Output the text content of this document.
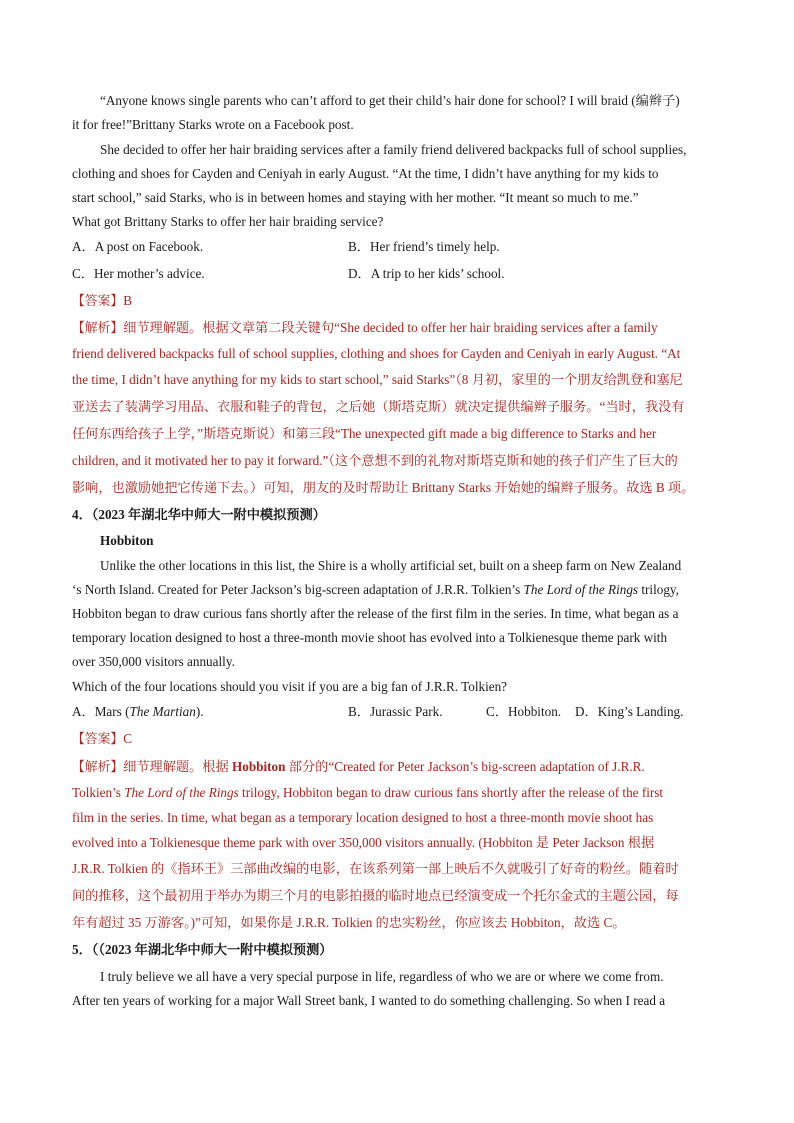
“Anyone knows single parents who can’t afford to get their child’s hair done for school? I will braid (编辫子)
it for free!”Brittany Starks wrote on a Facebook post.
She decided to offer her hair braiding services after a family friend delivered backpacks full of school supplies,
clothing and shoes for Cayden and Ceniyah in early August. “At the time, I didn’t have anything for my kids to
start school,” said Starks, who is in between homes and staying with her mother. “It meant so much to me.”
What got Brittany Starks to offer her hair braiding service?
A．A post on Facebook.	B．Her friend’s timely help.
C．Her mother’s advice.	D．A trip to her kids’ school.
【答案】B
【解析】细节理解题。根据文章第二段关键句“She decided to offer her hair braiding services after a family
friend delivered backpacks full of school supplies, clothing and shoes for Cayden and Ceniyah in early August. “At
the time, I didn’t have anything for my kids to start school,” said Starks”（8 月初，家里的一个朋友给凯登和塞尼
亚送去了装满学习用品、衣服和鞋子的背包，之后她（斯塔克斯）就决定提供编辫子服务。“当时，我没有
任何东西给孩子上学，”斯塔克斯说）和第三段“The unexpected gift made a big difference to Starks and her
children, and it motivated her to pay it forward.”（这个意想不到的礼物对斯塔克斯和她的孩子们产生了巨大的
影响，也激励她把它传递下去。）可知，朋友的及时帮助让 Brittany Starks 开始她的编辫子服务。故选 B 项。
4．（2023 年湖北华中师大一附中模拟预测）
Hobbiton
Unlike the other locations in this list, the Shire is a wholly artificial set, built on a sheep farm on New Zealand
‘s North Island. Created for Peter Jackson’s big-screen adaptation of J.R.R. Tolkien’s The Lord of the Rings trilogy,
Hobbiton began to draw curious fans shortly after the release of the first film in the series. In time, what began as a
temporary location designed to host a three-month movie shoot has evolved into a Tolkienesque theme park with
over 350,000 visitors annually.
Which of the four locations should you visit if you are a big fan of J.R.R. Tolkien?
A．Mars (The Martian).	B．Jurassic Park.	C．Hobbiton. D．King’s Landing.
【答案】C
【解析】细节理解题。根据 Hobbiton 部分的“Created for Peter Jackson’s big-screen adaptation of J.R.R.
Tolkien’s The Lord of the Rings trilogy, Hobbiton began to draw curious fans shortly after the release of the first
film in the series. In time, what began as a temporary location designed to host a three-month movie shoot has
evolved into a Tolkienesque theme park with over 350,000 visitors annually. (Hobbiton 是 Peter Jackson 根据
J.R.R. Tolkien 的《指环王》三部曲改编的电影，在该系列第一部上映后不久就吸引了好奇的粉丝。随着时
间的推移，这个最初用于举办为期三个月的电影拍摄的临时地点已经演变成一个托尔金式的主题公园，每
年有超过 35 万游客。)”可知，如果你是 J.R.R. Tolkien 的忠实粉丝，你应该去 Hobbiton，故选 C。
5．（（2023 年湖北华中师大一附中模拟预测）
I truly believe we all have a very special purpose in life, regardless of who we are or where we come from.
After ten years of working for a major Wall Street bank, I wanted to do something challenging. So when I read a
